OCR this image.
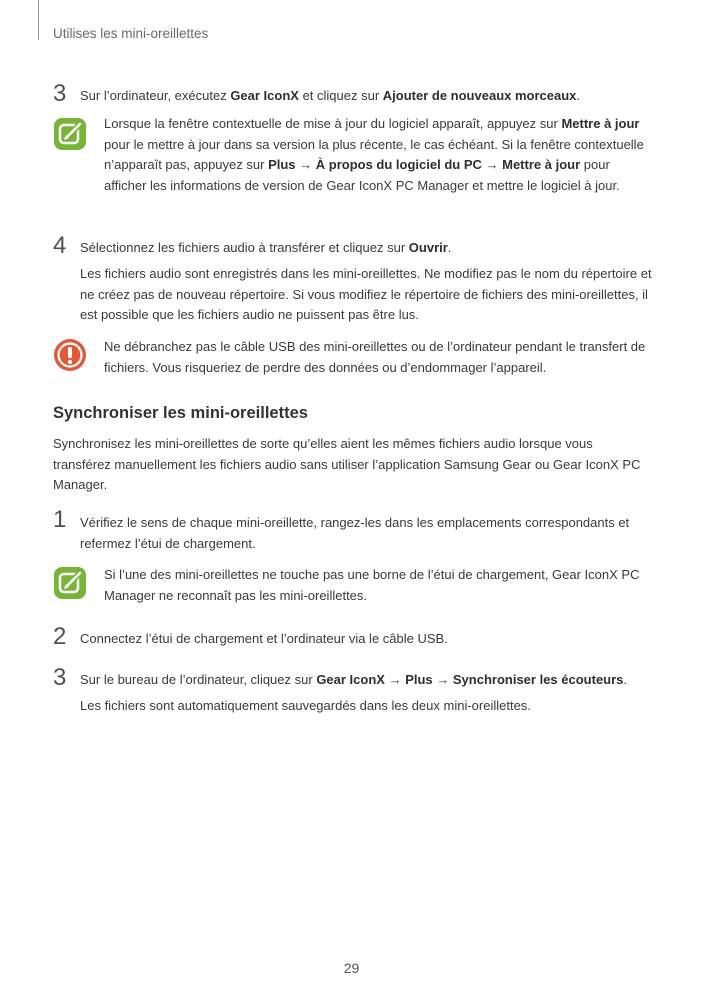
Utilises les mini-oreillettes
3 Sur l’ordinateur, exécutez Gear IconX et cliquez sur Ajouter de nouveaux morceaux.
Lorsque la fenêtre contextuelle de mise à jour du logiciel apparaît, appuyez sur Mettre à jour pour le mettre à jour dans sa version la plus récente, le cas échéant. Si la fenêtre contextuelle n’apparaît pas, appuyez sur Plus → À propos du logiciel du PC → Mettre à jour pour afficher les informations de version de Gear IconX PC Manager et mettre le logiciel à jour.
4 Sélectionnez les fichiers audio à transférer et cliquez sur Ouvrir.
Les fichiers audio sont enregistrés dans les mini-oreillettes. Ne modifiez pas le nom du répertoire et ne créez pas de nouveau répertoire. Si vous modifiez le répertoire de fichiers des mini-oreillettes, il est possible que les fichiers audio ne puissent pas être lus.
Ne débranchez pas le câble USB des mini-oreillettes ou de l’ordinateur pendant le transfert de fichiers. Vous risqueriez de perdre des données ou d’endommager l’appareil.
Synchroniser les mini-oreillettes
Synchronisez les mini-oreillettes de sorte qu’elles aient les mêmes fichiers audio lorsque vous transférez manuellement les fichiers audio sans utiliser l’application Samsung Gear ou Gear IconX PC Manager.
1 Vérifiez le sens de chaque mini-oreillette, rangez-les dans les emplacements correspondants et refermez l’étui de chargement.
Si l’une des mini-oreillettes ne touche pas une borne de l’étui de chargement, Gear IconX PC Manager ne reconnaît pas les mini-oreillettes.
2 Connectez l’étui de chargement et l’ordinateur via le câble USB.
3 Sur le bureau de l’ordinateur, cliquez sur Gear IconX → Plus → Synchroniser les écouteurs.
Les fichiers sont automatiquement sauvegardés dans les deux mini-oreillettes.
29
